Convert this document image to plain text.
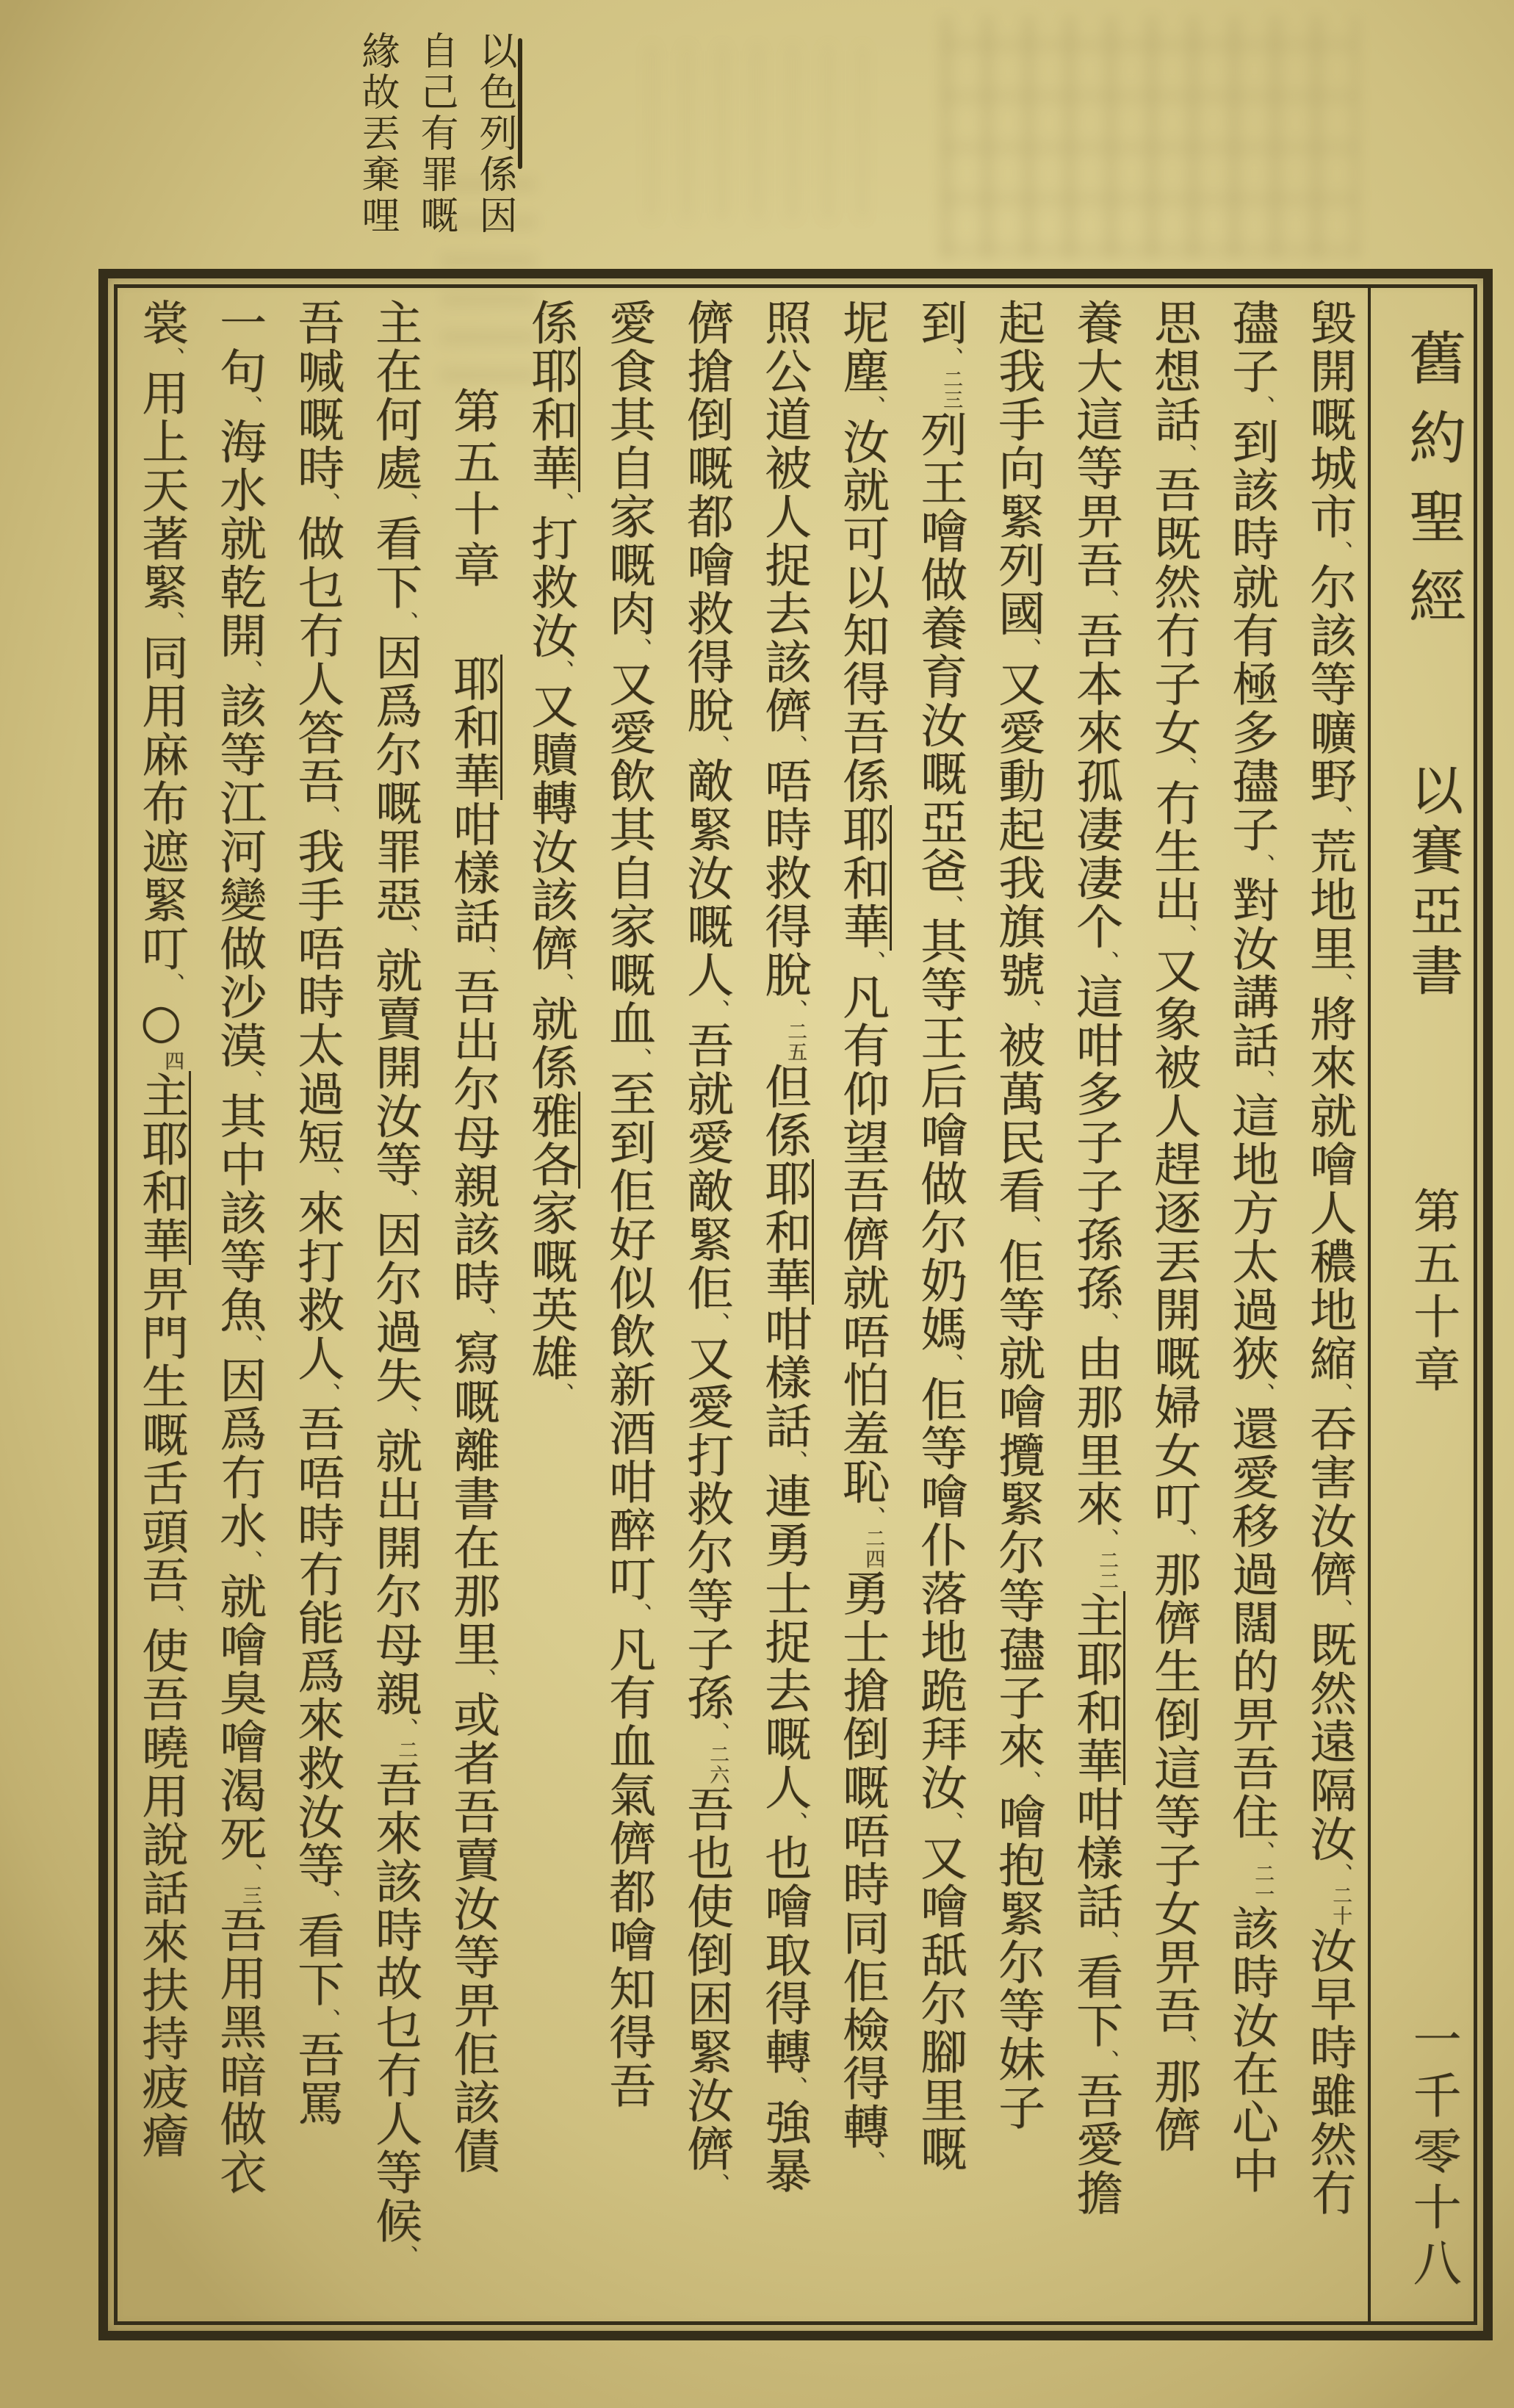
以色列係因
自己有罪嘅
緣故丟棄哩
毀開嘅城市、尔該等曠野、荒地里、將來就噲人穠地縮、吞害汝儕、既然遠隔汝、二十汝早時雖然冇
孻子、到該時就有極多孻子、對汝講話、這地方太過狹、還愛移過闊的畀吾住、二一該時汝在心中
思想話、吾既然冇子女、冇生出、又象被人趕逐丟開嘅婦女叮、那儕生倒這等子女畀吾、那儕
養大這等畀吾、吾本來孤凄凄个、這咁多子子孫孫、由那里來、二二主耶和華咁樣話、看下、吾愛擔
起我手向緊列國、又愛動起我旗號、被萬民看、佢等就噲攬緊尔等孻子來、噲抱緊尔等妹子
到、二三列王噲做養育汝嘅亞爸、其等王后噲做尔奶媽、佢等噲仆落地跪拜汝、又噲舐尔腳里嘅
坭塵、汝就可以知得吾係耶和華、凡有仰望吾儕就唔怕羞恥、二四勇士搶倒嘅唔時同佢檢得轉、
照公道被人捉去該儕、唔時救得脫、二五但係耶和華咁樣話、連勇士捉去嘅人、也噲取得轉、強暴
儕搶倒嘅都噲救得脫、敵緊汝嘅人、吾就愛敵緊佢、又愛打救尔等子孫、二六吾也使倒困緊汝儕、
愛食其自家嘅肉、又愛飲其自家嘅血、至到佢好似飲新酒咁醉叮、凡有血氣儕都噲知得吾
係耶和華、打救汝、又贖轉汝該儕、就係雅各家嘅英雄、
第五十章耶和華咁樣話、吾出尔母親該時、寫嘅離書在那里、或者吾賣汝等畀佢該債
主在何處、看下、因爲尔嘅罪惡、就賣開汝等、因尔過失、就出開尔母親、二吾來該時故乜冇人等候、
吾喊嘅時、做乜冇人答吾、我手唔時太過短、來打救人、吾唔時冇能爲來救汝等、看下、吾罵
一句、海水就乾開、該等江河變做沙漠、其中該等魚、因爲冇水、就噲臭噲渴死、三吾用黑暗做衣
裳、用上天著緊、同用麻布遮緊叮、○四主耶和華畀門生嘅舌頭吾、使吾曉用說話來扶持疲癐
舊約聖經 以賽亞書 第五十章 一千零十八
